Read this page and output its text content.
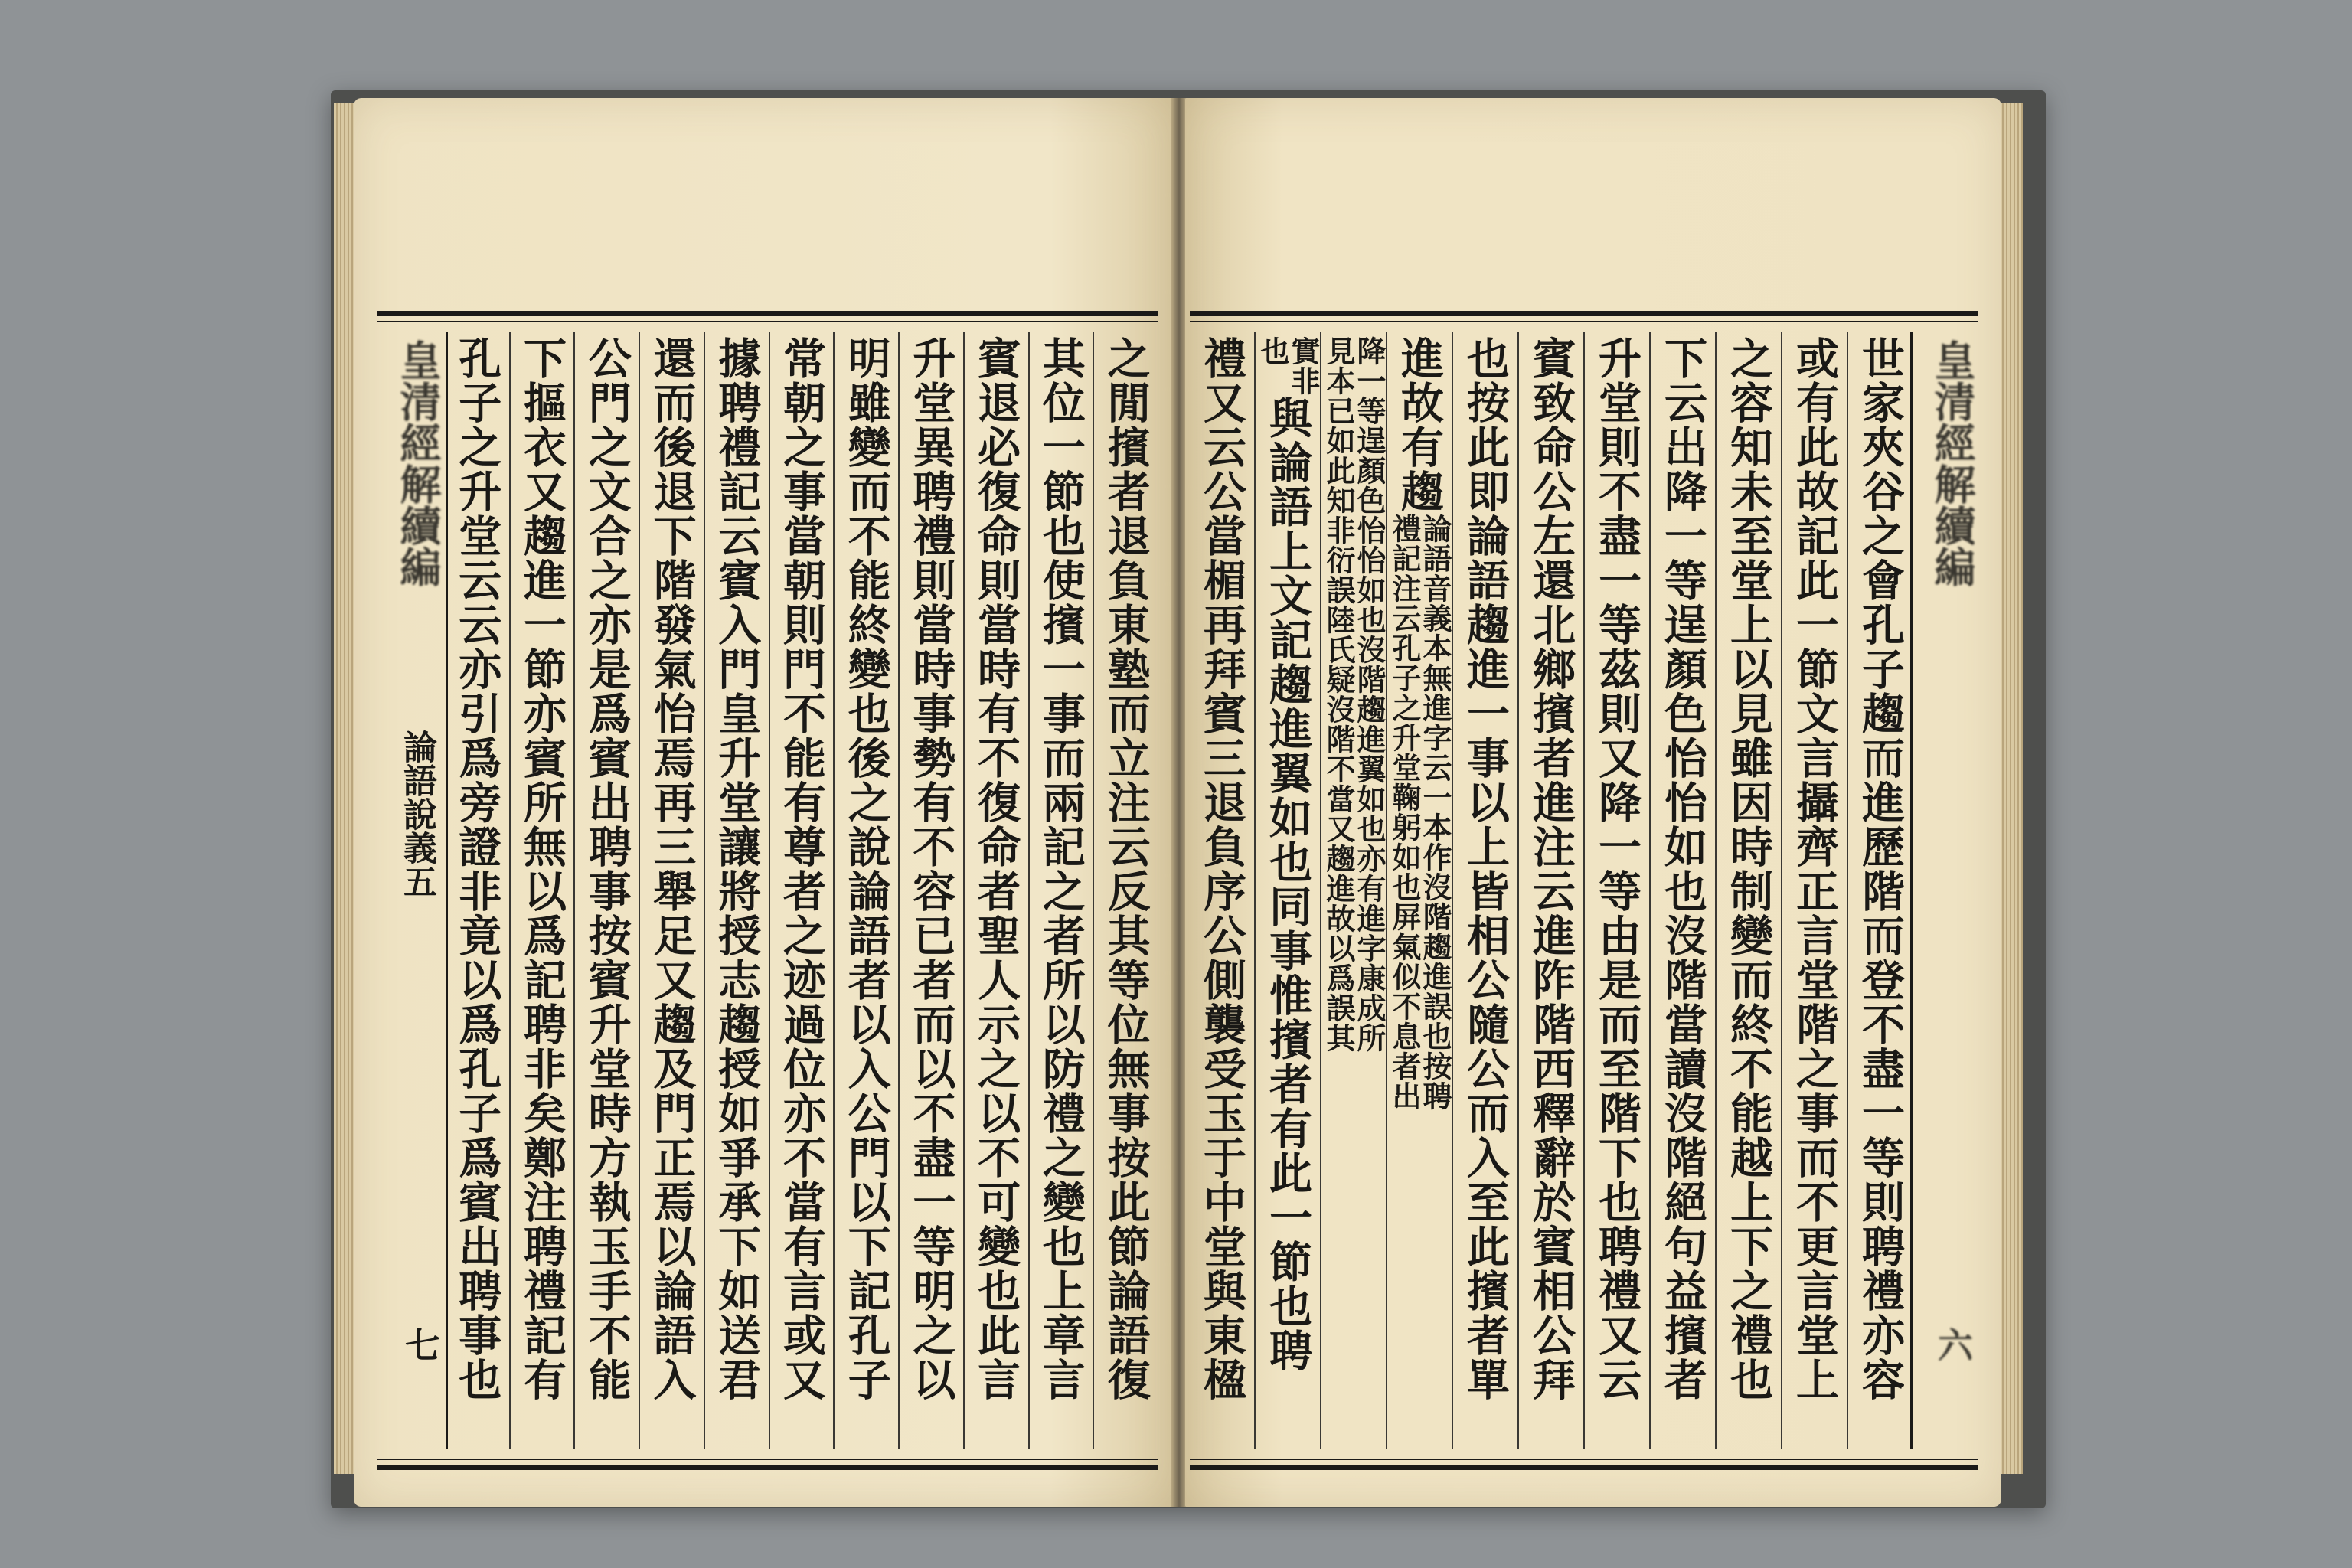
之閒擯者退負東塾而立注云反其等位無事按此節論語復
其位一節也使擯一事而兩記之者所以防禮之變也上章言
賓退必復命則當時有不復命者聖人示之以不可變也此言
升堂異聘禮則當時事勢有不容已者而以不盡一等明之以
明雖變而不能終變也後之說論語者以入公門以下記孔子
常朝之事當朝則門不能有尊者之迹過位亦不當有言或又
據聘禮記云賓入門皇升堂讓將授志趨授如爭承下如送君
還而後退下階發氣怡焉再三舉足又趨及門正焉以論語入
公門之文合之亦是爲賓出聘事按賓升堂時方執玉手不能
下摳衣又趨進一節亦賓所無以爲記聘非矣鄭注聘禮記有
孔子之升堂云云亦引爲旁證非竟以爲孔子爲賓出聘事也
皇清經解續編
論語說義五
七	世家夾谷之會孔子趨而進歷階而登不盡一等則聘禮亦容
或有此故記此一節文言攝齊正言堂階之事而不更言堂上
之容知未至堂上以見雖因時制變而終不能越上下之禮也
下云出降一等逞顏色怡怡如也沒階當讀沒階絕句益擯者
升堂則不盡一等茲則又降一等由是而至階下也聘禮又云
賓致命公左還北鄉擯者進注云進阼階西釋辭於賓相公拜
也按此即論語趨進一事以上皆相公隨公而入至此擯者單
進故有趨
論語音義本無進字云一本作沒階趨進誤也按聘
禮記注云孔子之升堂鞠躬如也屏氣似不息者出
降一等逞顏色怡怡如也沒階趨進翼如也亦有進字康成所
見本已如此知非衍誤陸氏疑沒階不當又趨進故以爲誤其
實非
也
與論語上文記趨進翼如也同事惟擯者有此一節也聘
禮又云公當楣再拜賓三退負序公側襲受玉于中堂與東楹	皇清經解續編
六
